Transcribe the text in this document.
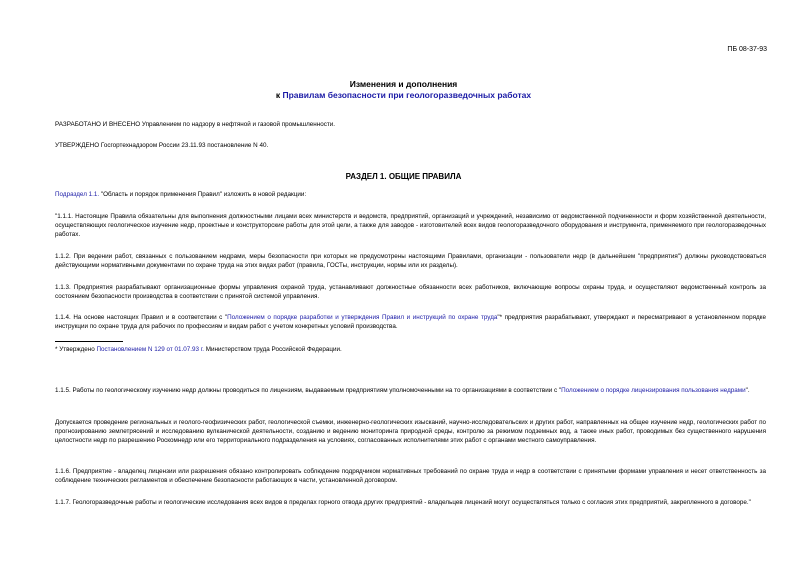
ПБ 08-37-93
Изменения и дополнения
к Правилам безопасности при геологоразведочных работах
РАЗРАБОТАНО И ВНЕСЕНО Управлением по надзору в нефтяной и газовой промышленности.
УТВЕРЖДЕНО Госгортехнадзором России 23.11.93 постановление N 40.
РАЗДЕЛ 1. ОБЩИЕ ПРАВИЛА
Подраздел 1.1. "Область и порядок применения Правил" изложить в новой редакции:
"1.1.1. Настоящие Правила обязательны для выполнения должностными лицами всех министерств и ведомств, предприятий, организаций и учреждений, независимо от ведомственной подчиненности и форм хозяйственной деятельности, осуществляющих геологическое изучение недр, проектные и конструкторские работы для этой цели, а также для заводов - изготовителей всех видов геологоразведочного оборудования и инструмента, применяемого при геологоразведочных работах.
1.1.2. При ведении работ, связанных с пользованием недрами, меры безопасности при которых не предусмотрены настоящими Правилами, организации - пользователи недр (в дальнейшем "предприятия") должны руководствоваться действующими нормативными документами по охране труда на этих видах работ (правила, ГОСТы, инструкции, нормы или их разделы).
1.1.3. Предприятия разрабатывают организационные формы управления охраной труда, устанавливают должностные обязанности всех работников, включающие вопросы охраны труда, и осуществляют ведомственный контроль за состоянием безопасности производства в соответствии с принятой системой управления.
1.1.4. На основе настоящих Правил и в соответствии с "Положением о порядке разработки и утверждения Правил и инструкций по охране труда"* предприятия разрабатывают, утверждают и пересматривают в установленном порядке инструкции по охране труда для рабочих по профессиям и видам работ с учетом конкретных условий производства.
* Утверждено Постановлением N 129 от 01.07.93 г. Министерством труда Российской Федерации.
1.1.5. Работы по геологическому изучению недр должны проводиться по лицензиям, выдаваемым предприятиям уполномоченными на то организациями в соответствии с "Положением о порядке лицензирования пользования недрами".
Допускается проведение региональных и геолого-геофизических работ, геологической съемки, инженерно-геологических изысканий, научно-исследовательских и других работ, направленных на общее изучение недр, геологических работ по прогнозированию землетрясений и исследованию вулканической деятельности, созданию и ведению мониторинга природной среды, контролю за режимом подземных вод, а также иных работ, проводимых без существенного нарушения целостности недр по разрешению Роскомнедр или его территориального подразделения на условиях, согласованных исполнителями этих работ с органами местного самоуправления.
1.1.6. Предприятие - владелец лицензии или разрешения обязано контролировать соблюдение подрядчиком нормативных требований по охране труда и недр в соответствии с принятыми формами управления и несет ответственность за соблюдение технических регламентов и обеспечение безопасности работающих в части, установленной договором.
1.1.7. Геологоразведочные работы и геологические исследования всех видов в пределах горного отвода других предприятий - владельцев лицензий могут осуществляться только с согласия этих предприятий, закрепленного в договоре."
